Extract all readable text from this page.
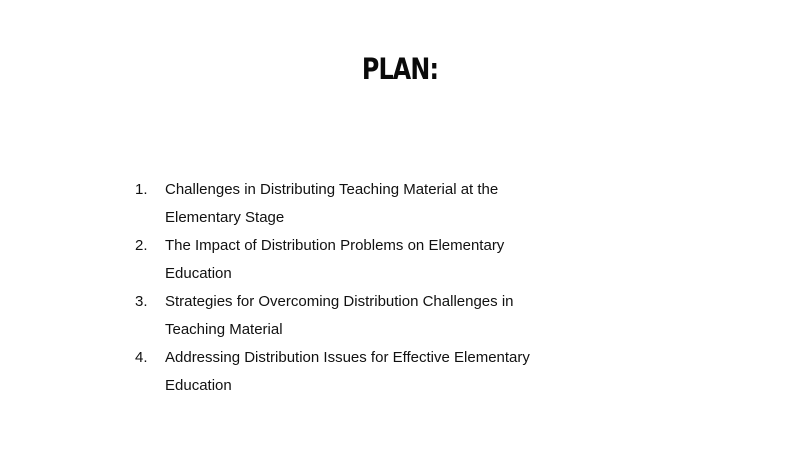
PLAN:
1. Challenges in Distributing Teaching Material at the Elementary Stage
2. The Impact of Distribution Problems on Elementary Education
3. Strategies for Overcoming Distribution Challenges in Teaching Material
4. Addressing Distribution Issues for Effective Elementary Education
